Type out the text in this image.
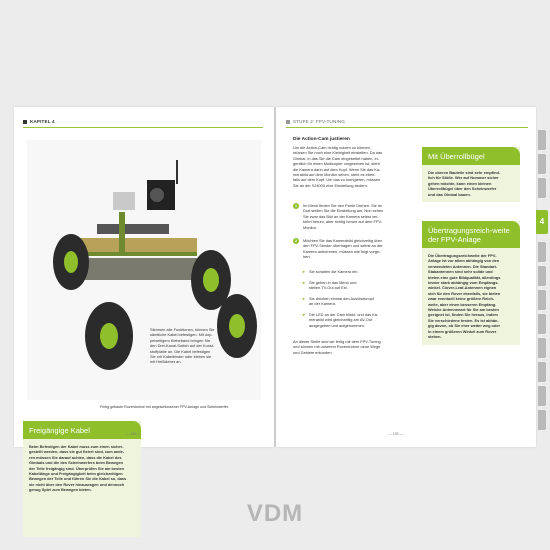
KAPITEL 4
Fertig gebaute Roverdrohne mit angeschlossener FPV-Anlage und Scheinwerfer.
Freigängige Kabel
Beim Befestigen der Kabel muss zum einen sicher-
gestellt werden, dass sie gut fixiert sind, zum ande-
ren müssen Sie darauf achten, dass die Kabel des
Gimbals und die des Scheinwerfers beim Bewegen
der Teile freigängig sind. Überprüfen Sie am besten
Kabellänge und Freigängigkeit beim gleichzeitigen
Bewegen der Teile und führen Sie die Kabel so, dass
sie nicht über den Rover hinausragen und dennoch
genug Spiel zum Bewegen bieten.
Stimmen alle Funktionen, können Sie
sämtliche Kabel befestigen. Mit dop-
pelseitigem Klebeband bringen Sie
den Drei-Kanal-Switch auf der Kunst-
stoffplatte an. Die Kabel befestigen
Sie mit Kabelbinder oder kleben sie
mit Heißkleber an.
— 154 —
STUFE 2: FPV-TUNING
Die Action-Cam justieren
Um die Action-Cam richtig nutzen zu können,
müssen Sie noch eine Kleinigkeit einstellen. Da das
Gimbal, in das Sie die Cam eingebettet haben, ei-
gentlich für einen Multicopter vorgesehen ist, steht
die Kamera darin auf dem Kopf. Wenn Sie das Ka-
merabild auf dem Monitor sehen, steht es eben-
falls auf dem Kopf. Um das zu korrigieren, müssen
Sie an der SJ4000 eine Einstellung ändern.
1	Im Menü finden Sie den Punkt Drehen. Sie ist
Dort stellen Sie die Einstellung am. Nun sehen
Sie zwar das Bild an der Kamera selbst ver-
kehrt herum, aber richtig herum auf dem FPV-
Monitor.
2	Möchten Sie das Kamerabild gleichzeitig über
den FPV-Sender übertragen und selbst an der
Kamera aufnehmen, müssen wie folgt vorge-
hen:
► Sie schalten die Kamera ein.
► Sie gehen in das Menü und
stellen TV-Out auf Ein.
► Sie drücken einmal den Auslöseknopf
an der Kamera.
► Die LED an der Cam blinkt, und das Ka-
merabild wird gleichzeitig am AV-Out
ausgegeben und aufgenommen.
An dieser Stelle sind wir fertig mit dem FPV-Tuning
und können mit unserem Roverdrohne neue Wege
und Gebiete erkunden.
Mit Überrollbügel
Die oberen Bauteile sind sehr empfind-
lich für Stöße. Wer auf Nummer sicher
gehen möchte, kann einen kleinen
Überrollbügel über den Scheinwerfer
und das Gimbal bauen.
Übertragungsreich-weite der FPV-Anlage
Die Übertragungsreichweite der FPV-
Anlage ist vor allem abhängig von den
verwendeten Antennen. Die Standart-
Stabantennen sind sehr solide und
bieten eine gute Bildqualität, allerdings
immer stark abhängig vom Empfangs-
winkel. Clover-Leaf-Antennen eignen
sich für den Rover ebenfalls, sie bieten
zwar eventuell keine größere Reich-
weite, aber einen besseren Empfang.
Welche Antennenart für Sie am besten
geeignet ist, finden Sie heraus, indem
Sie verschiedene testen. Es ist abhän-
gig davon, ob Sie eher weiter weg oder
in einem größeren Winkel zum Rover
stehen.
— 155 —
4
VDM
